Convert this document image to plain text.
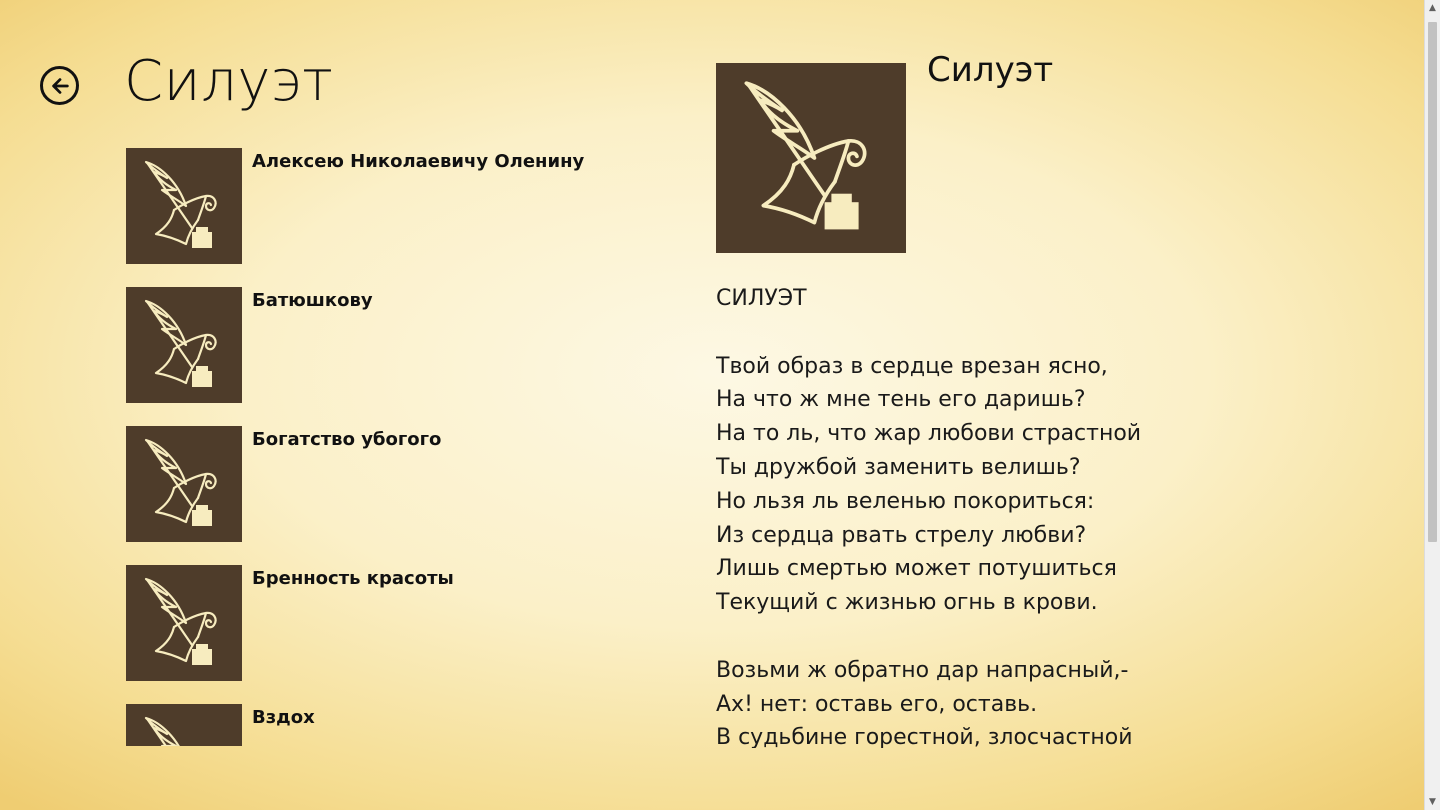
Силуэт
Алексею Николаевичу Оленину
Батюшкову
Богатство убогого
Бренность красоты
Вздох
Силуэт
СИЛУЭТ
Твой образ в сердце врезан ясно,
На что ж мне тень его даришь?
На то ль, что жар любови страстной
Ты дружбой заменить велишь?
Но льзя ль веленью покориться:
Из сердца рвать стрелу любви?
Лишь смертью может потушиться
Текущий с жизнью огнь в крови.
Возьми ж обратно дар напрасный,-
Ах! нет: оставь его, оставь.
В судьбине горестной, злосчастной
▲
▼
